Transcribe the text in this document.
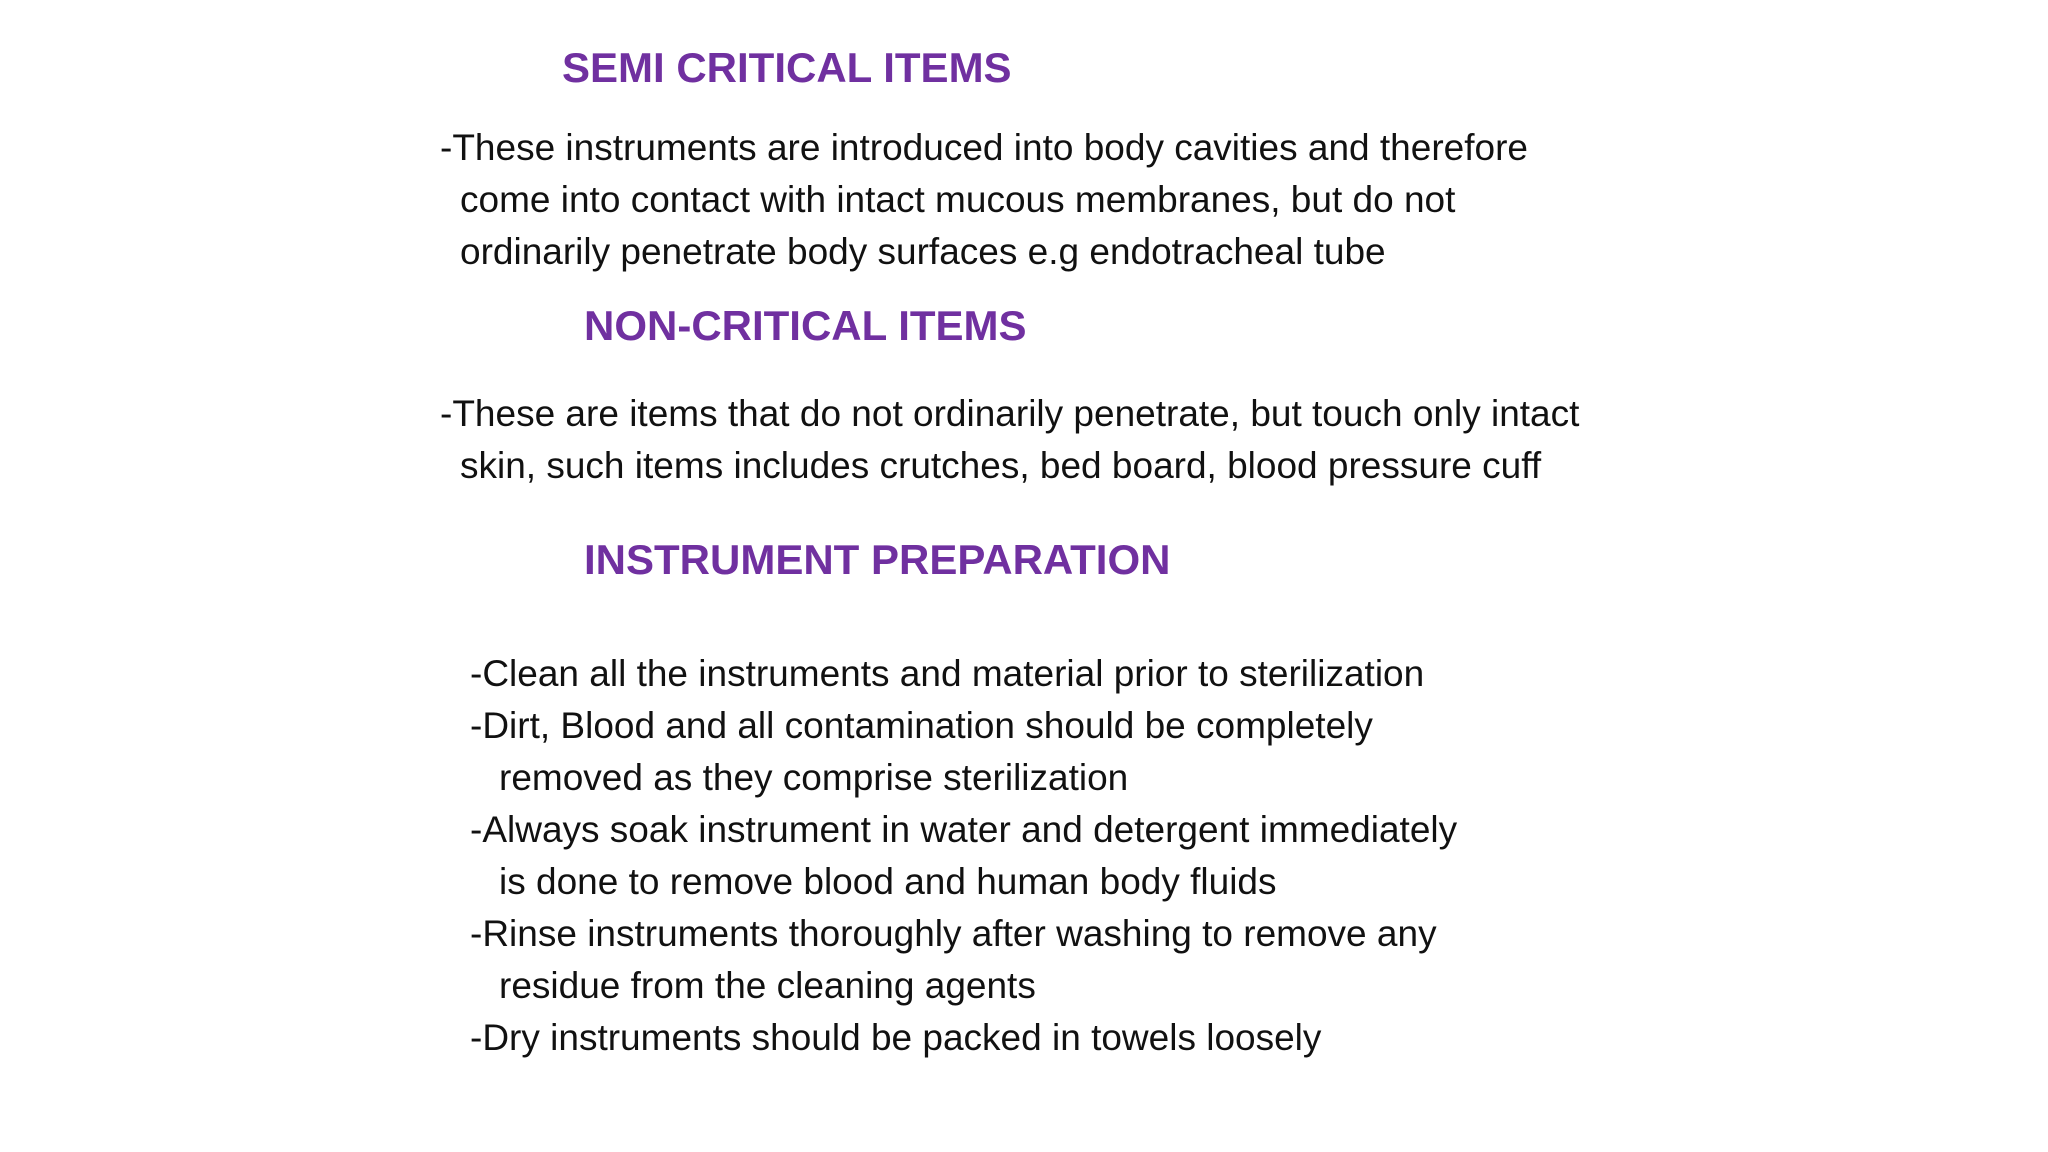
SEMI CRITICAL ITEMS

-These instruments are introduced into body cavities and therefore
come into contact with intact mucous membranes, but do not
ordinarily penetrate body surfaces e.g endotracheal tube

NON-CRITICAL ITEMS

-These are items that do not ordinarily penetrate, but touch only intact
skin, such items includes crutches, bed board, blood pressure cuff

INSTRUMENT PREPARATION

-Clean all the instruments and material prior to sterilization
-Dirt, Blood and all contamination should be completely
removed as they comprise sterilization
-Always soak instrument in water and detergent immediately
is done to remove blood and human body fluids
-Rinse instruments thoroughly after washing to remove any
residue from the cleaning agents
-Dry instruments should be packed in towels loosely
